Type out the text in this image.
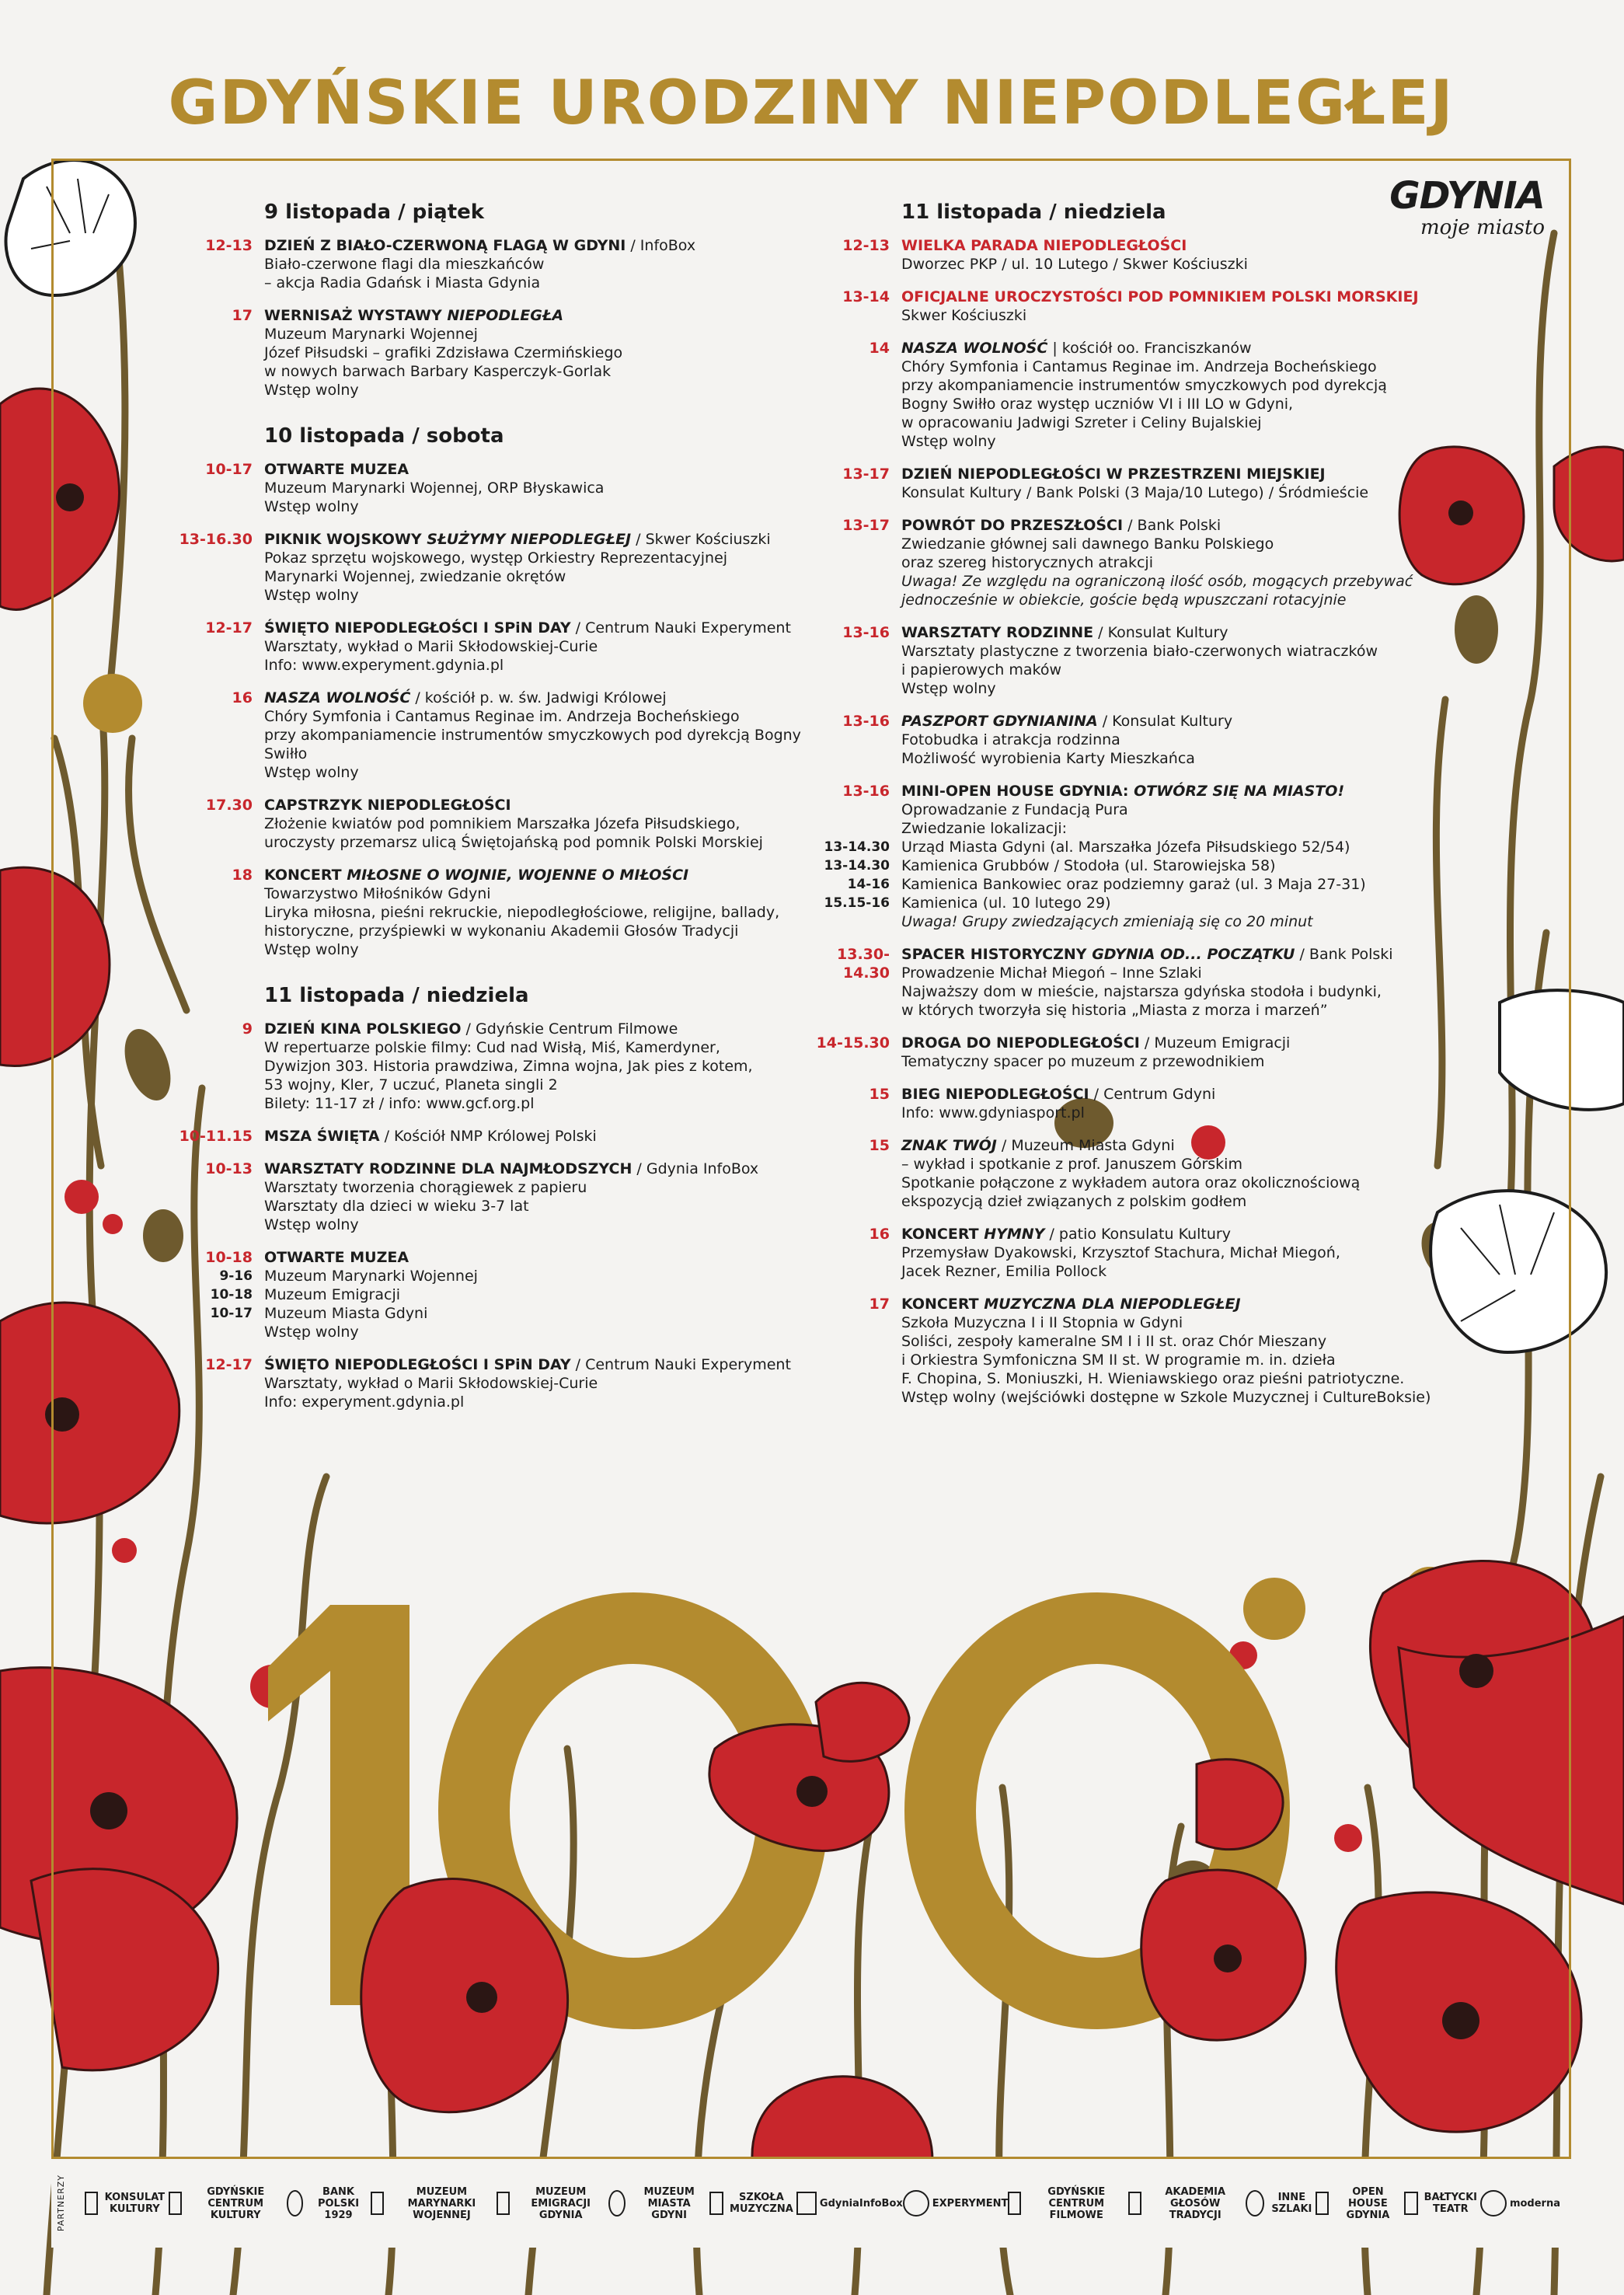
GDYŃSKIE URODZINY NIEPODLEGŁEJ
GDYNIA
moje miasto
9 listopada / piątek
12-13 DZIEŃ Z BIAŁO-CZERWONĄ FLAGĄ W GDYNI / InfoBox
Biało-czerwone flagi dla mieszkańców
– akcja Radia Gdańsk i Miasta Gdynia
17 WERNISAŻ WYSTAWY NIEPODLEGŁA
Muzeum Marynarki Wojennej
Józef Piłsudski – grafiki Zdzisława Czermińskiego
w nowych barwach Barbary Kasperczyk-Gorlak
Wstęp wolny
10 listopada / sobota
10-17 OTWARTE MUZEA
Muzeum Marynarki Wojennej, ORP Błyskawica
Wstęp wolny
13-16.30 PIKNIK WOJSKOWY SŁUŻYMY NIEPODLEGŁEJ / Skwer Kościuszki
Pokaz sprzętu wojskowego, występ Orkiestry Reprezentacyjnej
Marynarki Wojennej, zwiedzanie okrętów
Wstęp wolny
12-17 ŚWIĘTO NIEPODLEGŁOŚCI I SPiN DAY / Centrum Nauki Experyment
Warsztaty, wykład o Marii Skłodowskiej-Curie
Info: www.experyment.gdynia.pl
16 NASZA WOLNOŚĆ / kościół p. w. św. Jadwigi Królowej
Chóry Symfonia i Cantamus Reginae im. Andrzeja Bocheńskiego
przy akompaniamencie instrumentów smyczkowych pod dyrekcją Bogny Swiłło
Wstęp wolny
17.30 CAPSTRZYK NIEPODLEGŁOŚCI
Złożenie kwiatów pod pomnikiem Marszałka Józefa Piłsudskiego,
uroczysty przemarsz ulicą Świętojańską pod pomnik Polski Morskiej
18 KONCERT MIŁOSNE O WOJNIE, WOJENNE O MIŁOŚCI
Towarzystwo Miłośników Gdyni
Liryka miłosna, pieśni rekruckie, niepodległościowe, religijne, ballady,
historyczne, przyśpiewki w wykonaniu Akademii Głosów Tradycji
Wstęp wolny
11 listopada / niedziela
9 DZIEŃ KINA POLSKIEGO / Gdyńskie Centrum Filmowe
W repertuarze polskie filmy: Cud nad Wisłą, Miś, Kamerdyner,
Dywizjon 303. Historia prawdziwa, Zimna wojna, Jak pies z kotem,
53 wojny, Kler, 7 uczuć, Planeta singli 2
Bilety: 11-17 zł / info: www.gcf.org.pl
10-11.15 MSZA ŚWIĘTA / Kościół NMP Królowej Polski
10-13 WARSZTATY RODZINNE DLA NAJMŁODSZYCH / Gdynia InfoBox
Warsztaty tworzenia chorągiewek z papieru
Warsztaty dla dzieci w wieku 3-7 lat
Wstęp wolny
10-18 OTWARTE MUZEA
9-16 Muzeum Marynarki Wojennej
10-18 Muzeum Emigracji
10-17 Muzeum Miasta Gdyni
Wstęp wolny
12-17 ŚWIĘTO NIEPODLEGŁOŚCI I SPiN DAY / Centrum Nauki Experyment
Warsztaty, wykład o Marii Skłodowskiej-Curie
Info: experyment.gdynia.pl
11 listopada / niedziela
12-13 WIELKA PARADA NIEPODLEGŁOŚCI
Dworzec PKP / ul. 10 Lutego / Skwer Kościuszki
13-14 OFICJALNE UROCZYSTOŚCI POD POMNIKIEM POLSKI MORSKIEJ
Skwer Kościuszki
14 NASZA WOLNOŚĆ | kościół oo. Franciszkanów
Chóry Symfonia i Cantamus Reginae im. Andrzeja Bocheńskiego
przy akompaniamencie instrumentów smyczkowych pod dyrekcją
Bogny Swiłło oraz występ uczniów VI i III LO w Gdyni,
w opracowaniu Jadwigi Szreter i Celiny Bujalskiej
Wstęp wolny
13-17 DZIEŃ NIEPODLEGŁOŚCI W PRZESTRZENI MIEJSKIEJ
Konsulat Kultury / Bank Polski (3 Maja/10 Lutego) / Śródmieście
13-17 POWRÓT DO PRZESZŁOŚCI / Bank Polski
Zwiedzanie głównej sali dawnego Banku Polskiego
oraz szereg historycznych atrakcji
Uwaga! Ze względu na ograniczoną ilość osób, mogących przebywać
jednocześnie w obiekcie, goście będą wpuszczani rotacyjnie
13-16 WARSZTATY RODZINNE / Konsulat Kultury
Warsztaty plastyczne z tworzenia biało-czerwonych wiatraczków
i papierowych maków
Wstęp wolny
13-16 PASZPORT GDYNIANINA / Konsulat Kultury
Fotobudka i atrakcja rodzinna
Możliwość wyrobienia Karty Mieszkańca
13-16 MINI-OPEN HOUSE GDYNIA: OTWÓRZ SIĘ NA MIASTO!
Oprowadzanie z Fundacją Pura
Zwiedzanie lokalizacji:
13-14.30 Urząd Miasta Gdyni (al. Marszałka Józefa Piłsudskiego 52/54)
13-14.30 Kamienica Grubbów / Stodoła (ul. Starowiejska 58)
14-16 Kamienica Bankowiec oraz podziemny garaż (ul. 3 Maja 27-31)
15.15-16 Kamienica (ul. 10 lutego 29)
Uwaga! Grupy zwiedzających zmieniają się co 20 minut
13.30-14.30
SPACER HISTORYCZNY GDYNIA OD... POCZĄTKU / Bank Polski
Prowadzenie Michał Miegoń – Inne Szlaki
Najważszy dom w mieście, najstarsza gdyńska stodoła i budynki,
w których tworzyła się historia „Miasta z morza i marzeń”
14-15.30 DROGA DO NIEPODLEGŁOŚCI / Muzeum Emigracji
Tematyczny spacer po muzeum z przewodnikiem
15 BIEG NIEPODLEGŁOŚCI / Centrum Gdyni
Info: www.gdyniasport.pl
15 ZNAK TWÓJ / Muzeum Miasta Gdyni
– wykład i spotkanie z prof. Januszem Górskim
Spotkanie połączone z wykładem autora oraz okolicznościową
ekspozycją dzieł związanych z polskim godłem
16 KONCERT HYMNY / patio Konsulatu Kultury
Przemysław Dyakowski, Krzysztof Stachura, Michał Miegoń,
Jacek Rezner, Emilia Pollock
17 KONCERT MUZYCZNA DLA NIEPODLEGŁEJ
Szkoła Muzyczna I i II Stopnia w Gdyni
Soliści, zespoły kameralne SM I i II st. oraz Chór Mieszany
i Orkiestra Symfoniczna SM II st. W programie m. in. dzieła
F. Chopina, S. Moniuszki, H. Wieniawskiego oraz pieśni patriotyczne.
Wstęp wolny (wejściówki dostępne w Szkole Muzycznej i CultureBoksie)
PARTNERZY	KONSULAT KULTURY
GDYŃSKIE CENTRUM KULTURY
BANK POLSKI 1929
MUZEUM MARYNARKI WOJENNEJ
MUZEUM EMIGRACJI GDYNIA
MUZEUM MIASTA GDYNI
SZKOŁA MUZYCZNA	GdyniaInfoBox	EXPERYMENT
GDYŃSKIE CENTRUM FILMOWE
AKADEMIA GŁOSÓW TRADYCJI
INNE SZLAKI
OPEN HOUSE GDYNIA
BAŁTYCKI TEATR	moderna
